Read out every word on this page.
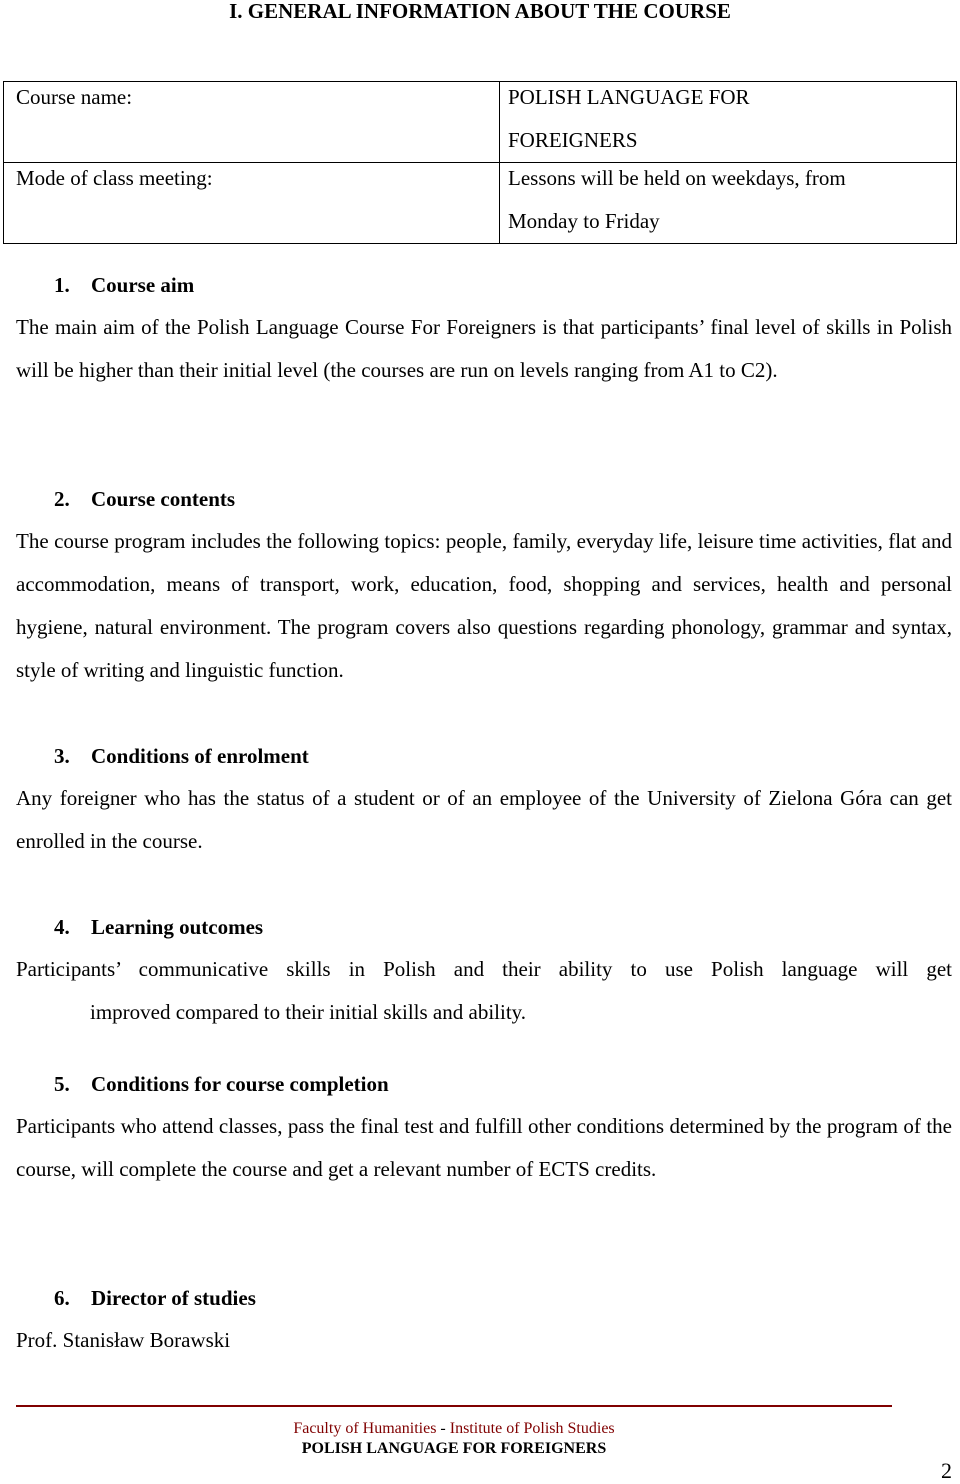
I. GENERAL INFORMATION ABOUT THE COURSE
Course name:	POLISH LANGUAGE FOR
FOREIGNERS

Mode of class meeting:	Lessons will be held on weekdays, from
Monday to Friday
1. Course aim

The main aim of the Polish Language Course For Foreigners is that participants’ final level of skills in Polish will be higher than their initial level (the courses are run on levels ranging from A1 to C2).

2. Course contents

The course program includes the following topics: people, family, everyday life, leisure time activities, flat and accommodation, means of transport, work, education, food, shopping and services, health and personal hygiene, natural environment. The program covers also questions regarding phonology, grammar and syntax, style of writing and linguistic function.

3. Conditions of enrolment

Any foreigner who has the status of a student or of an employee of the University of Zielona Góra can get enrolled in the course.

4. Learning outcomes

Participants’ communicative skills in Polish and their ability to use Polish language will get

improved compared to their initial skills and ability.

5. Conditions for course completion

Participants who attend classes, pass the final test and fulfill other conditions determined by the program of the course, will complete the course and get a relevant number of ECTS credits.

6. Director of studies

Prof. Stanisław Borawski

Faculty of Humanities - Institute of Polish Studies
POLISH LANGUAGE FOR FOREIGNERS
2
